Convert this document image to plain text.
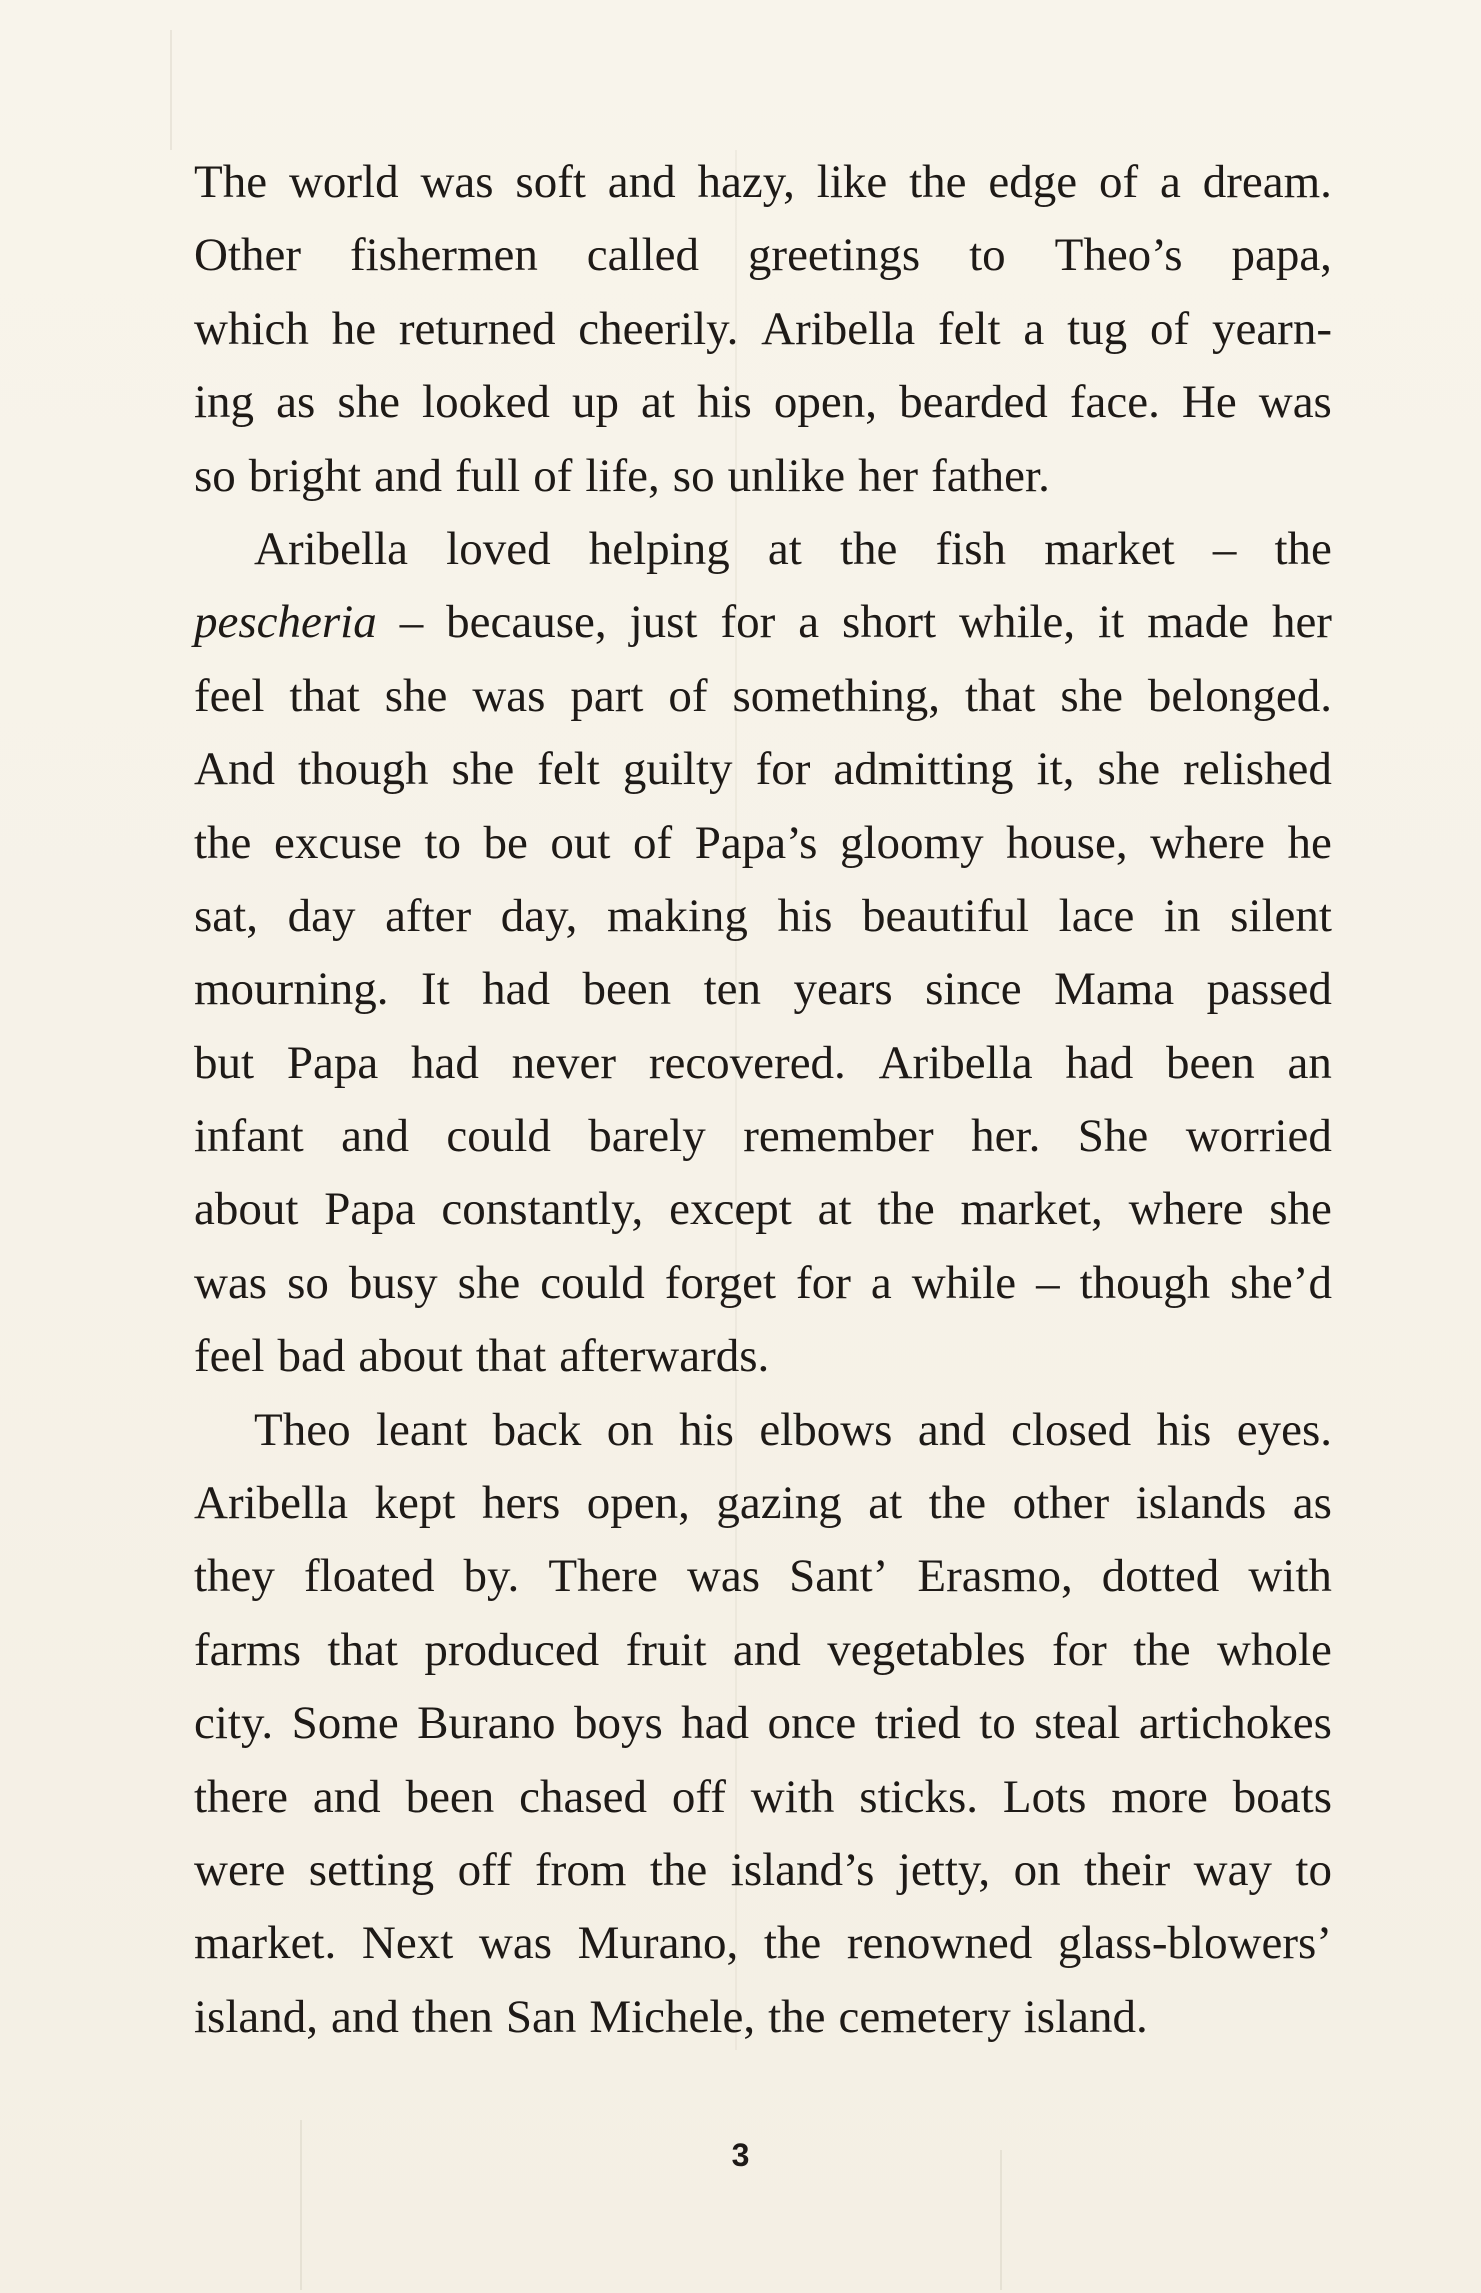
The world was soft and hazy, like the edge of a dream.
Other fishermen called greetings to Theo’s papa,
which he returned cheerily. Aribella felt a tug of yearn-
ing as she looked up at his open, bearded face. He was
so bright and full of life, so unlike her father.
Aribella loved helping at the fish market – the
pescheria – because, just for a short while, it made her
feel that she was part of something, that she belonged.
And though she felt guilty for admitting it, she relished
the excuse to be out of Papa’s gloomy house, where he
sat, day after day, making his beautiful lace in silent
mourning. It had been ten years since Mama passed
but Papa had never recovered. Aribella had been an
infant and could barely remember her. She worried
about Papa constantly, except at the market, where she
was so busy she could forget for a while – though she’d
feel bad about that afterwards.
Theo leant back on his elbows and closed his eyes.
Aribella kept hers open, gazing at the other islands as
they floated by. There was Sant’ Erasmo, dotted with
farms that produced fruit and vegetables for the whole
city. Some Burano boys had once tried to steal artichokes
there and been chased off with sticks. Lots more boats
were setting off from the island’s jetty, on their way to
market. Next was Murano, the renowned glass-blowers’
island, and then San Michele, the cemetery island.
3
